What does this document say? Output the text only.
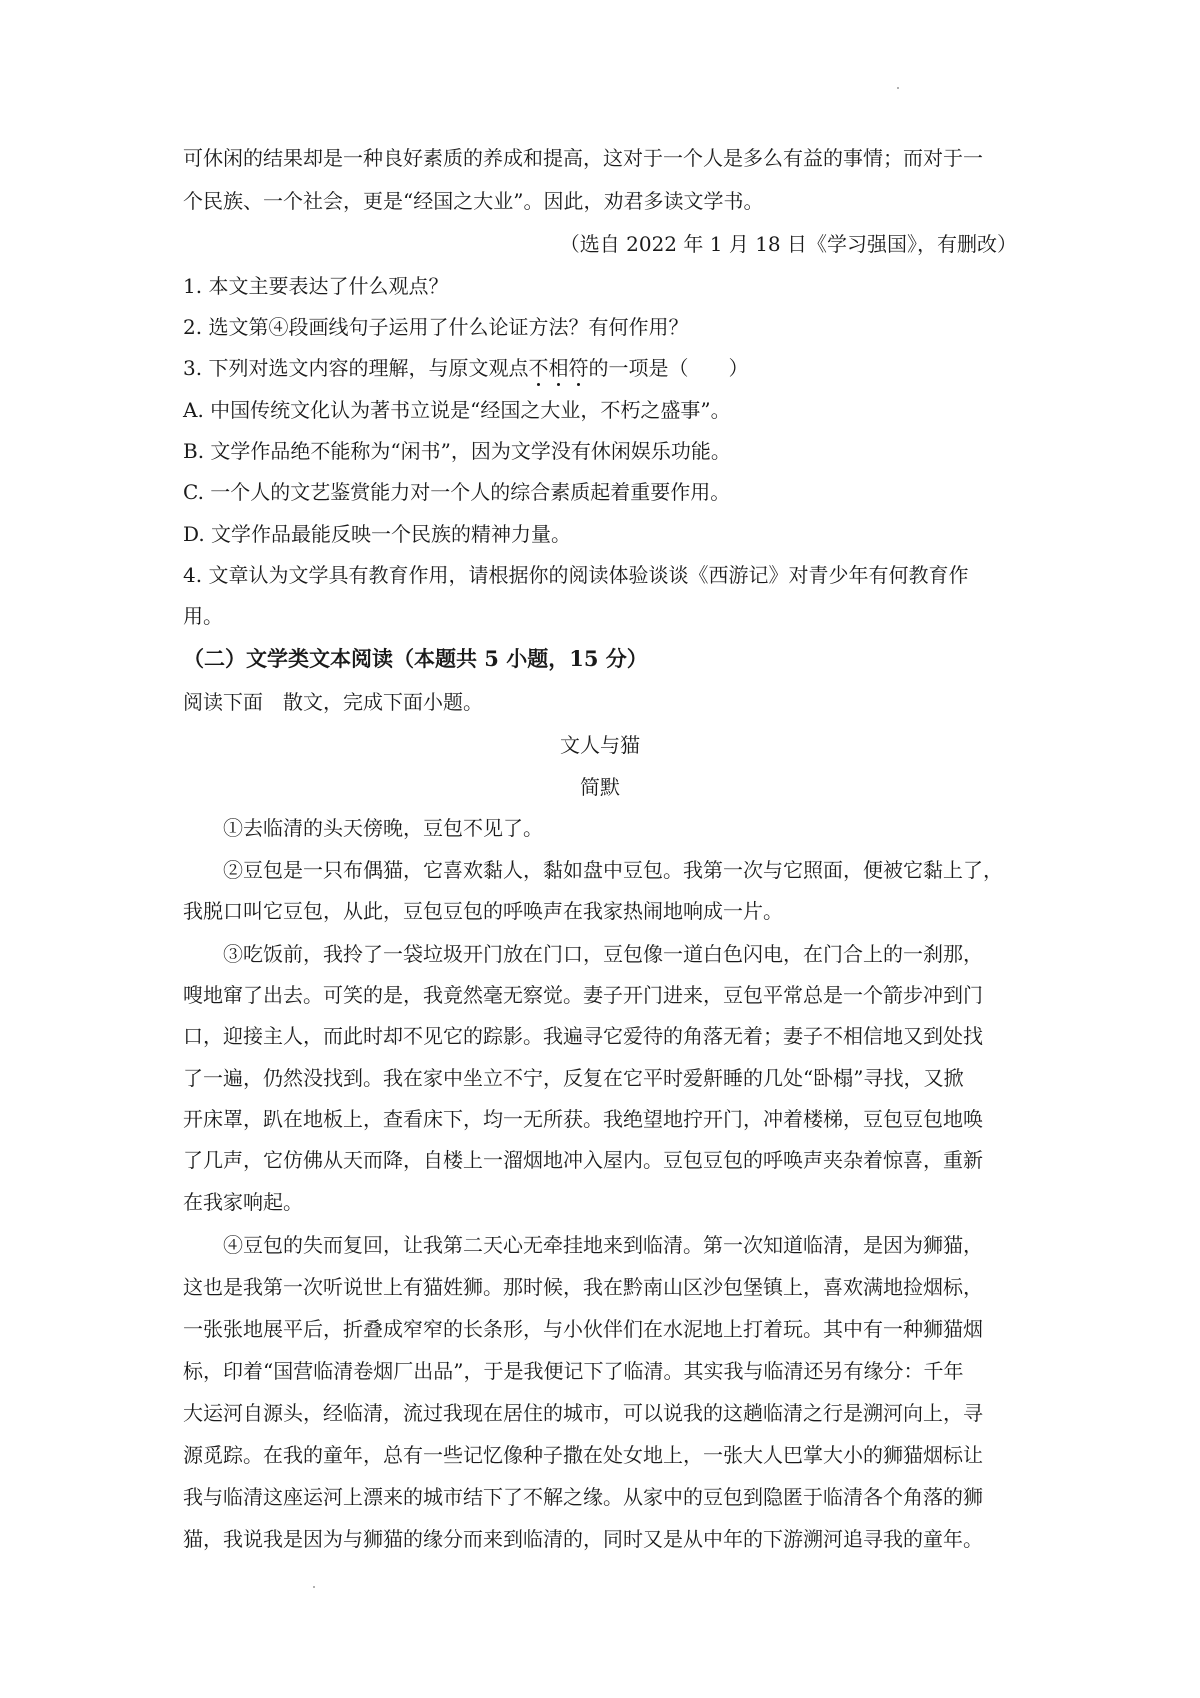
可休闲的结果却是一种良好素质的养成和提高，这对于一个人是多么有益的事情；而对于一
个民族、一个社会，更是“经国之大业”。因此，劝君多读文学书。
（选自 2022 年 1 月 18 日《学习强国》，有删改）
1. 本文主要表达了什么观点？
2. 选文第④段画线句子运用了什么论证方法？有何作用？
3. 下列对选文内容的理解，与原文观点不相符
的一项是（　　）
A. 中国传统文化认为著书立说是“经国之大业，不朽之盛事”。
B. 文学作品绝不能称为“闲书”，因为文学没有休闲娱乐功能。
C. 一个人的文艺鉴赏能力对一个人的综合素质起着重要作用。
D. 文学作品最能反映一个民族的精神力量。
4. 文章认为文学具有教育作用，请根据你的阅读体验谈谈《西游记》对青少年有何教育作
用。
（二）文学类文本阅读（本题共 5 小题，15 分）
阅读下面　散文，完成下面小题。
文人与猫
简默
①去临清的头天傍晚，豆包不见了。
②豆包是一只布偶猫，它喜欢黏人，黏如盘中豆包。我第一次与它照面，便被它黏上了，
我脱口叫它豆包，从此，豆包豆包的呼唤声在我家热闹地响成一片。
③吃饭前，我拎了一袋垃圾开门放在门口，豆包像一道白色闪电，在门合上的一刹那，
嗖地窜了出去。可笑的是，我竟然毫无察觉。妻子开门进来，豆包平常总是一个箭步冲到门
口，迎接主人，而此时却不见它的踪影。我遍寻它爱待的角落无着；妻子不相信地又到处找
了一遍，仍然没找到。我在家中坐立不宁，反复在它平时爱鼾睡的几处“卧榻”寻找，又掀
开床罩，趴在地板上，查看床下，均一无所获。我绝望地拧开门，冲着楼梯，豆包豆包地唤
了几声，它仿佛从天而降，自楼上一溜烟地冲入屋内。豆包豆包的呼唤声夹杂着惊喜，重新
在我家响起。
④豆包的失而复回，让我第二天心无牵挂地来到临清。第一次知道临清，是因为狮猫，
这也是我第一次听说世上有猫姓狮。那时候，我在黔南山区沙包堡镇上，喜欢满地捡烟标，
一张张地展平后，折叠成窄窄的长条形，与小伙伴们在水泥地上打着玩。其中有一种狮猫烟
标，印着“国营临清卷烟厂出品”，于是我便记下了临清。其实我与临清还另有缘分：千年
大运河自源头，经临清，流过我现在居住的城市，可以说我的这趟临清之行是溯河向上，寻
源觅踪。在我的童年，总有一些记忆像种子撒在处女地上，一张大人巴掌大小的狮猫烟标让
我与临清这座运河上漂来的城市结下了不解之缘。从家中的豆包到隐匿于临清各个角落的狮
猫，我说我是因为与狮猫的缘分而来到临清的，同时又是从中年的下游溯河追寻我的童年。
